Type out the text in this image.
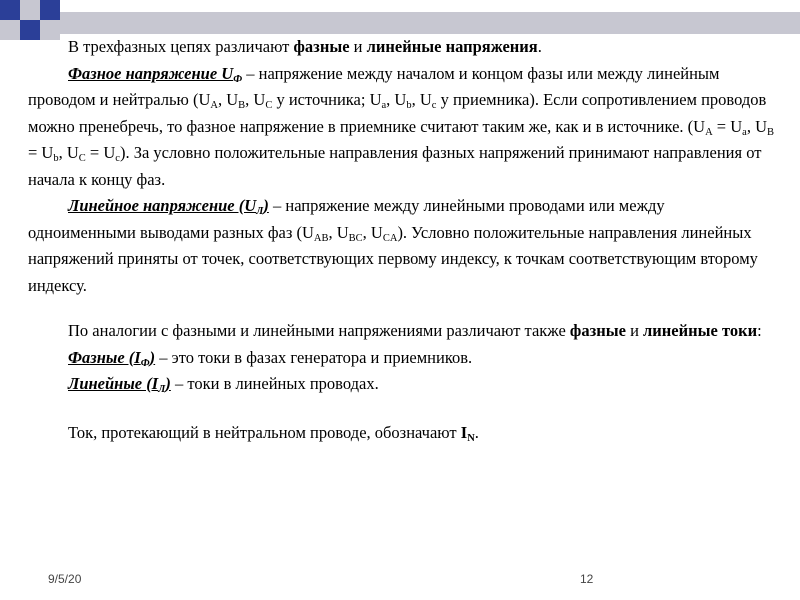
В трехфазных цепях различают фазные и линейные напряжения.

Фазное напряжение $U_Ф$ – напряжение между началом и концом фазы или между линейным проводом и нейтралью ($U_A$, $U_B$, $U_C$ у источника; $U_a$, $U_b$, $U_c$ у приемника). Если сопротивлением проводов можно пренебречь, то фазное напряжение в приемнике считают таким же, как и в источнике. ($U_A = U_a$, $U_B = U_b$, $U_C = U_c$). За условно положительные направления фазных напряжений принимают направления от начала к концу фаз.

Линейное напряжение $(U_Л)$ – напряжение между линейными проводами или между одноименными выводами разных фаз ($U_{AB}$, $U_{BC}$, $U_{CA}$). Условно положительные направления линейных напряжений приняты от точек, соответствующих первому индексу, к точкам соответствующим второму индексу.

По аналогии с фазными и линейными напряжениями различают также фазные и линейные токи:

Фазные $(I_Ф)$ – это токи в фазах генератора и приемников.

Линейные $(I_Л)$ – токи в линейных проводах.

Ток, протекающий в нейтральном проводе, обозначают $I_N$.

9/5/20	12
